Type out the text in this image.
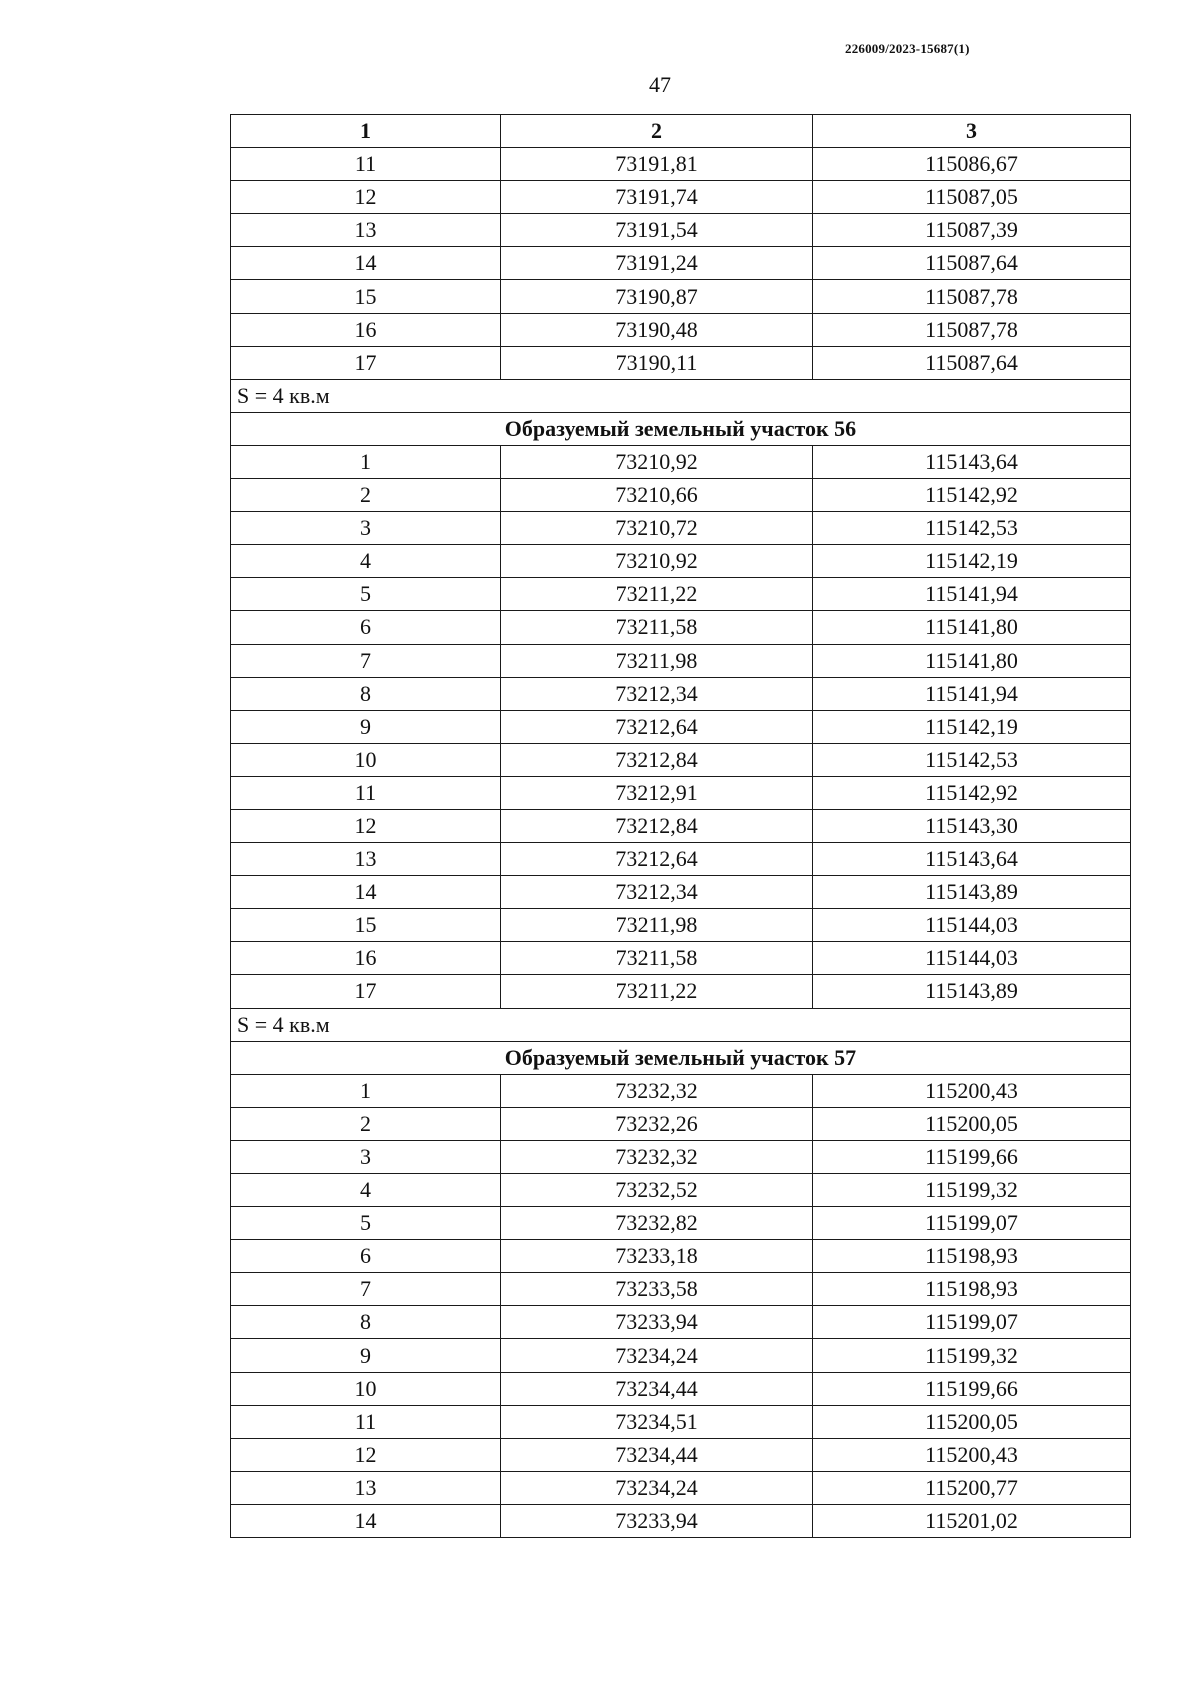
226009/2023-15687(1)
47
1	2	3
11	73191,81	115086,67
12	73191,74	115087,05
13	73191,54	115087,39
14	73191,24	115087,64
15	73190,87	115087,78
16	73190,48	115087,78
17	73190,11	115087,64
S = 4 кв.м		
Образуемый земельный участок 56		
1	73210,92	115143,64
2	73210,66	115142,92
3	73210,72	115142,53
4	73210,92	115142,19
5	73211,22	115141,94
6	73211,58	115141,80
7	73211,98	115141,80
8	73212,34	115141,94
9	73212,64	115142,19
10	73212,84	115142,53
11	73212,91	115142,92
12	73212,84	115143,30
13	73212,64	115143,64
14	73212,34	115143,89
15	73211,98	115144,03
16	73211,58	115144,03
17	73211,22	115143,89
S = 4 кв.м		
Образуемый земельный участок 57		
1	73232,32	115200,43
2	73232,26	115200,05
3	73232,32	115199,66
4	73232,52	115199,32
5	73232,82	115199,07
6	73233,18	115198,93
7	73233,58	115198,93
8	73233,94	115199,07
9	73234,24	115199,32
10	73234,44	115199,66
11	73234,51	115200,05
12	73234,44	115200,43
13	73234,24	115200,77
14	73233,94	115201,02
